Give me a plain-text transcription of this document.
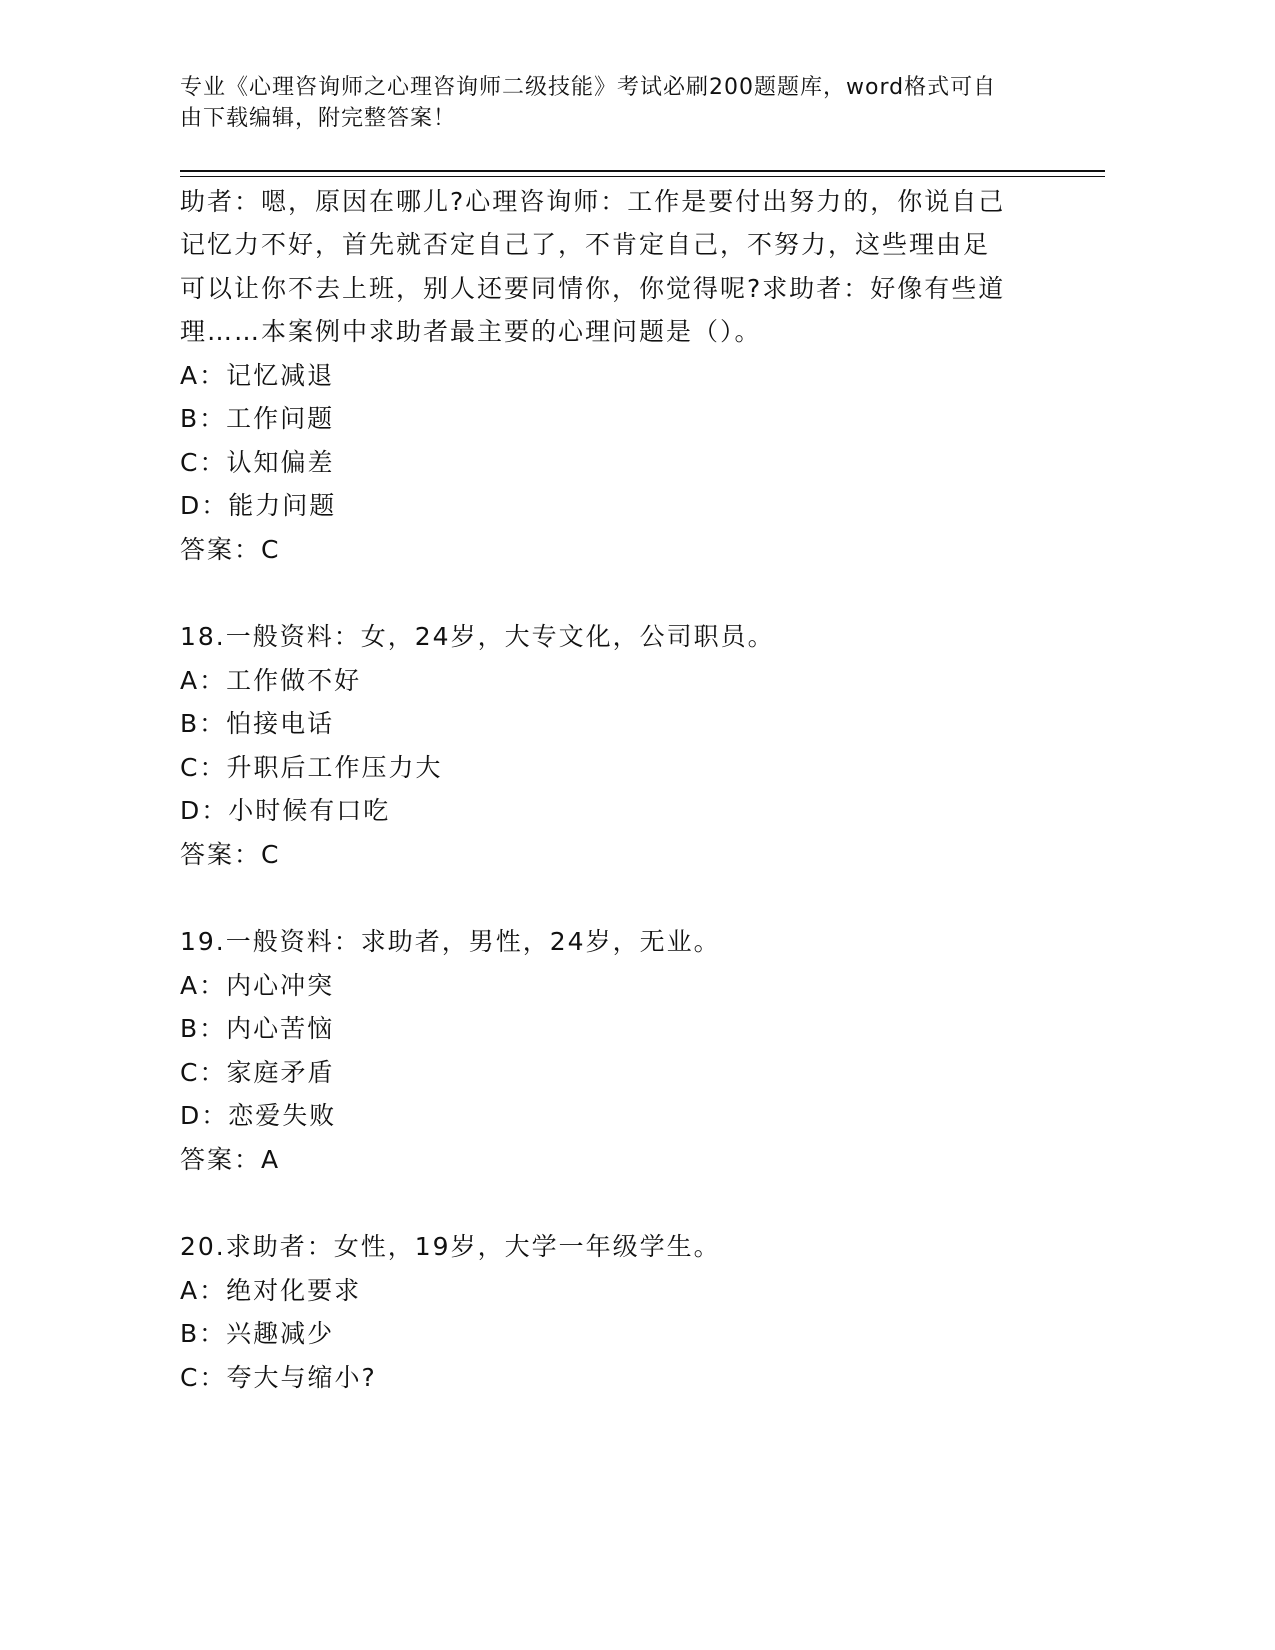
专业《心理咨询师之心理咨询师二级技能》考试必刷200题题库，word格式可自
由下载编辑，附完整答案！
助者：嗯，原因在哪儿?心理咨询师：工作是要付出努力的，你说自己
记忆力不好，首先就否定自己了，不肯定自己，不努力，这些理由足
可以让你不去上班，别人还要同情你，你觉得呢?求助者：好像有些道
理……本案例中求助者最主要的心理问题是（）。
A：记忆减退
B：工作问题
C：认知偏差
D：能力问题
答案：C
18.一般资料：女，24岁，大专文化，公司职员。
A：工作做不好
B：怕接电话
C：升职后工作压力大
D：小时候有口吃
答案：C
19.一般资料：求助者，男性，24岁，无业。
A：内心冲突
B：内心苦恼
C：家庭矛盾
D：恋爱失败
答案：A
20.求助者：女性，19岁，大学一年级学生。
A：绝对化要求
B：兴趣减少
C：夸大与缩小?
